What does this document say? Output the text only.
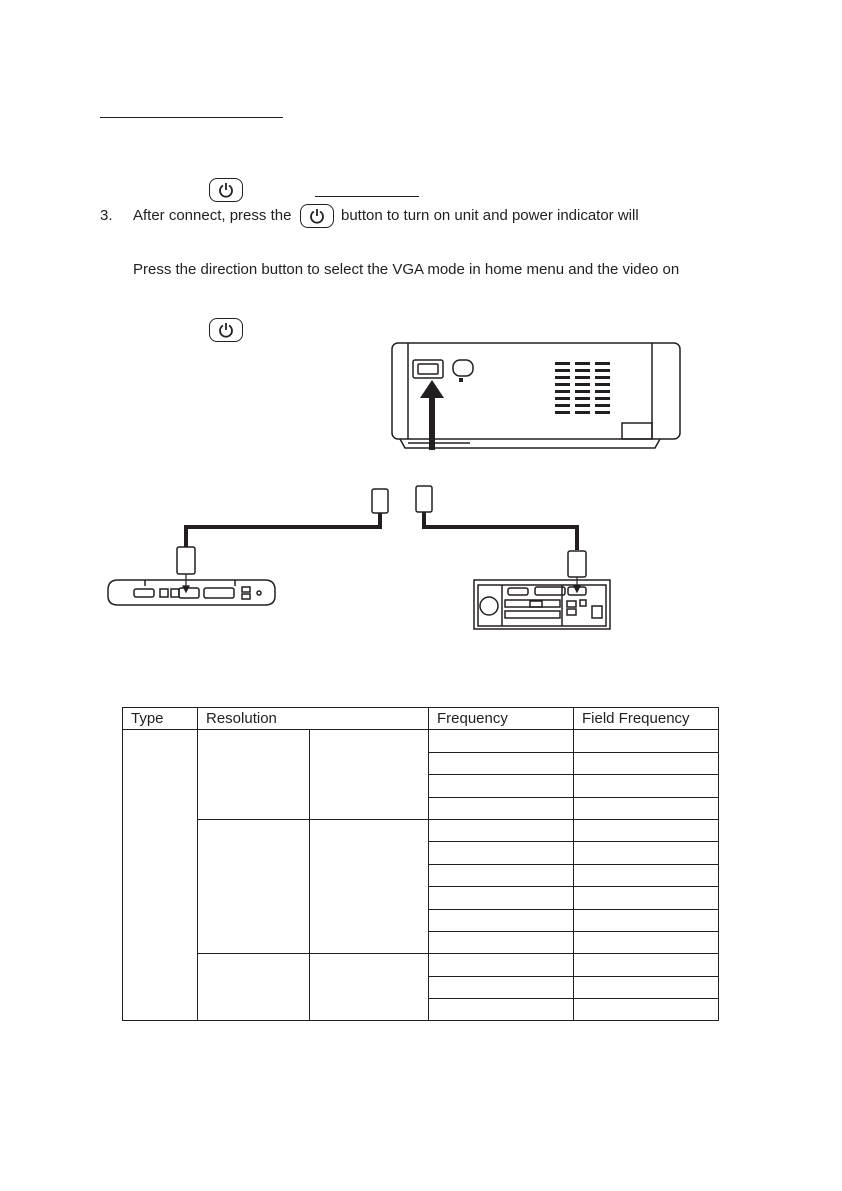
3. After connect, press the	button to turn on unit and power indicator will
Press the direction button to select the VGA mode in home menu and the video on
Type	Resolution		Frequency	Field Frequency
